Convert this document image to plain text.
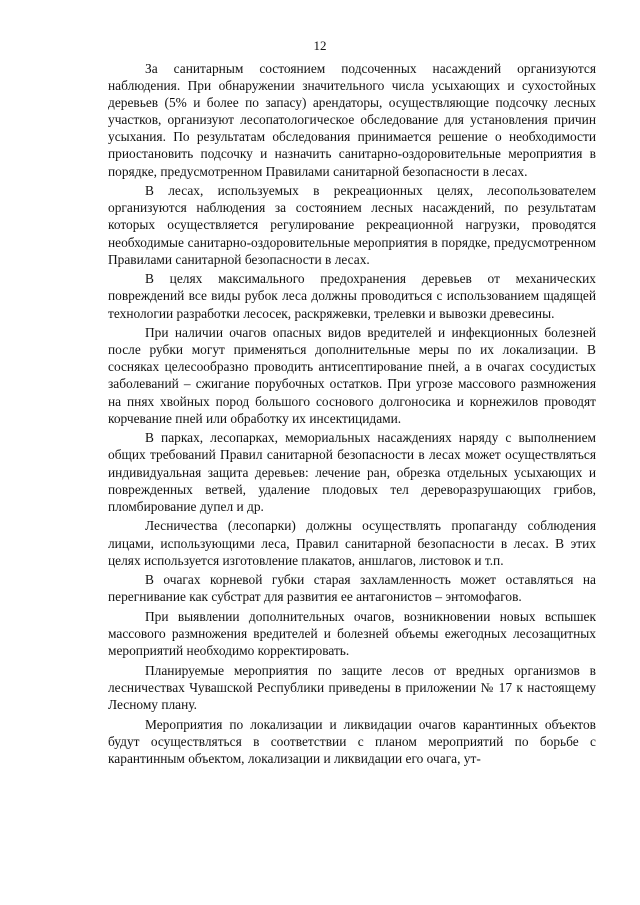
12

За санитарным состоянием подсоченных насаждений организуются наблюдения. При обнаружении значительного числа усыхающих и сухостойных деревьев (5% и более по запасу) арендаторы, осуществляющие подсочку лесных участков, организуют лесопатологическое обследование для установления причин усыхания. По результатам обследования принимается решение о необходимости приостановить подсочку и назначить санитарно-оздоровительные мероприятия в порядке, предусмотренном Правилами санитарной безопасности в лесах.

В лесах, используемых в рекреационных целях, лесопользователем организуются наблюдения за состоянием лесных насаждений, по результатам которых осуществляется регулирование рекреационной нагрузки, проводятся необходимые санитарно-оздоровительные мероприятия в порядке, предусмотренном Правилами санитарной безопасности в лесах.

В целях максимального предохранения деревьев от механических повреждений все виды рубок леса должны проводиться с использованием щадящей технологии разработки лесосек, раскряжевки, трелевки и вывозки древесины.

При наличии очагов опасных видов вредителей и инфекционных болезней после рубки могут применяться дополнительные меры по их локализации. В сосняках целесообразно проводить антисептирование пней, а в очагах сосудистых заболеваний – сжигание порубочных остатков. При угрозе массового размножения на пнях хвойных пород большого соснового долгоносика и корнежилов проводят корчевание пней или обработку их инсектицидами.

В парках, лесопарках, мемориальных насаждениях наряду с выполнением общих требований Правил санитарной безопасности в лесах может осуществляться индивидуальная защита деревьев: лечение ран, обрезка отдельных усыхающих и поврежденных ветвей, удаление плодовых тел дереворазрушающих грибов, пломбирование дупел и др.

Лесничества (лесопарки) должны осуществлять пропаганду соблюдения лицами, использующими леса, Правил санитарной безопасности в лесах. В этих целях используется изготовление плакатов, аншлагов, листовок и т.п.

В очагах корневой губки старая захламленность может оставляться на перегнивание как субстрат для развития ее антагонистов – энтомофагов.

При выявлении дополнительных очагов, возникновении новых вспышек массового размножения вредителей и болезней объемы ежегодных лесозащитных мероприятий необходимо корректировать.

Планируемые мероприятия по защите лесов от вредных организмов в лесничествах Чувашской Республики приведены в приложении № 17 к настоящему Лесному плану.

Мероприятия по локализации и ликвидации очагов карантинных объектов будут осуществляться в соответствии с планом мероприятий по борьбе с карантинным объектом, локализации и ликвидации его очага, ут-
